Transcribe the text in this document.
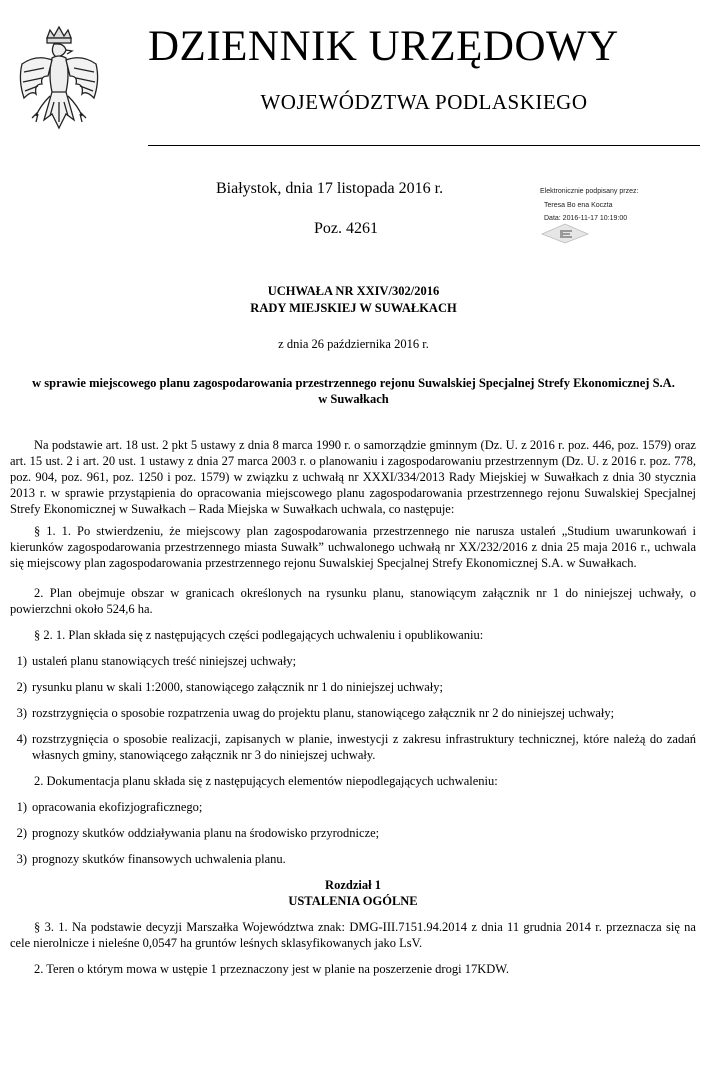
DZIENNIK URZĘDOWY
WOJEWÓDZTWA PODLASKIEGO
Białystok, dnia 17 listopada 2016 r.
Poz. 4261
Elektronicznie podpisany przez:
Teresa Bo ena Koczta
Data: 2016-11-17 10:19:00
UCHWAŁA NR XXIV/302/2016
RADY MIEJSKIEJ W SUWAŁKACH
z dnia 26 października 2016 r.
w sprawie miejscowego planu zagospodarowania przestrzennego rejonu Suwalskiej Specjalnej Strefy Ekonomicznej S.A. w Suwałkach

Na podstawie art. 18 ust. 2 pkt 5 ustawy z dnia 8 marca 1990 r. o samorządzie gminnym (Dz. U. z 2016 r. poz. 446, poz. 1579) oraz art. 15 ust. 2 i art. 20 ust. 1 ustawy z dnia 27 marca 2003 r. o planowaniu i zagospodarowaniu przestrzennym (Dz. U. z 2016 r. poz. 778, poz. 904, poz. 961, poz. 1250 i poz. 1579) w związku z uchwałą nr XXXI/334/2013 Rady Miejskiej w Suwałkach z dnia 30 stycznia 2013 r. w sprawie przystąpienia do opracowania miejscowego planu zagospodarowania przestrzennego rejonu Suwalskiej Specjalnej Strefy Ekonomicznej w Suwałkach – Rada Miejska w Suwałkach uchwala, co następuje:

§ 1. 1. Po stwierdzeniu, że miejscowy plan zagospodarowania przestrzennego nie narusza ustaleń „Studium uwarunkowań i kierunków zagospodarowania przestrzennego miasta Suwałk” uchwalonego uchwałą nr XX/232/2016 z dnia 25 maja 2016 r., uchwala się miejscowy plan zagospodarowania przestrzennego rejonu Suwalskiej Specjalnej Strefy Ekonomicznej S.A. w Suwałkach.

2. Plan obejmuje obszar w granicach określonych na rysunku planu, stanowiącym załącznik nr 1 do niniejszej uchwały, o powierzchni około 524,6 ha.

§ 2. 1. Plan składa się z następujących części podlegających uchwaleniu i opublikowaniu:

1) ustaleń planu stanowiących treść niniejszej uchwały;
2) rysunku planu w skali 1:2000, stanowiącego załącznik nr 1 do niniejszej uchwały;
3) rozstrzygnięcia o sposobie rozpatrzenia uwag do projektu planu, stanowiącego załącznik nr 2 do niniejszej uchwały;
4) rozstrzygnięcia o sposobie realizacji, zapisanych w planie, inwestycji z zakresu infrastruktury technicznej, które należą do zadań własnych gminy, stanowiącego załącznik nr 3 do niniejszej uchwały.

2. Dokumentacja planu składa się z następujących elementów niepodlegających uchwaleniu:

1) opracowania ekofizjograficznego;
2) prognozy skutków oddziaływania planu na środowisko przyrodnicze;
3) prognozy skutków finansowych uchwalenia planu.

Rozdział 1

USTALENIA OGÓLNE

§ 3. 1. Na podstawie decyzji Marszałka Województwa znak: DMG-III.7151.94.2014 z dnia 11 grudnia 2014 r. przeznacza się na cele nierolnicze i nieleśne 0,0547 ha gruntów leśnych sklasyfikowanych jako LsV.

2. Teren o którym mowa w ustępie 1 przeznaczony jest w planie na poszerzenie drogi 17KDW.
